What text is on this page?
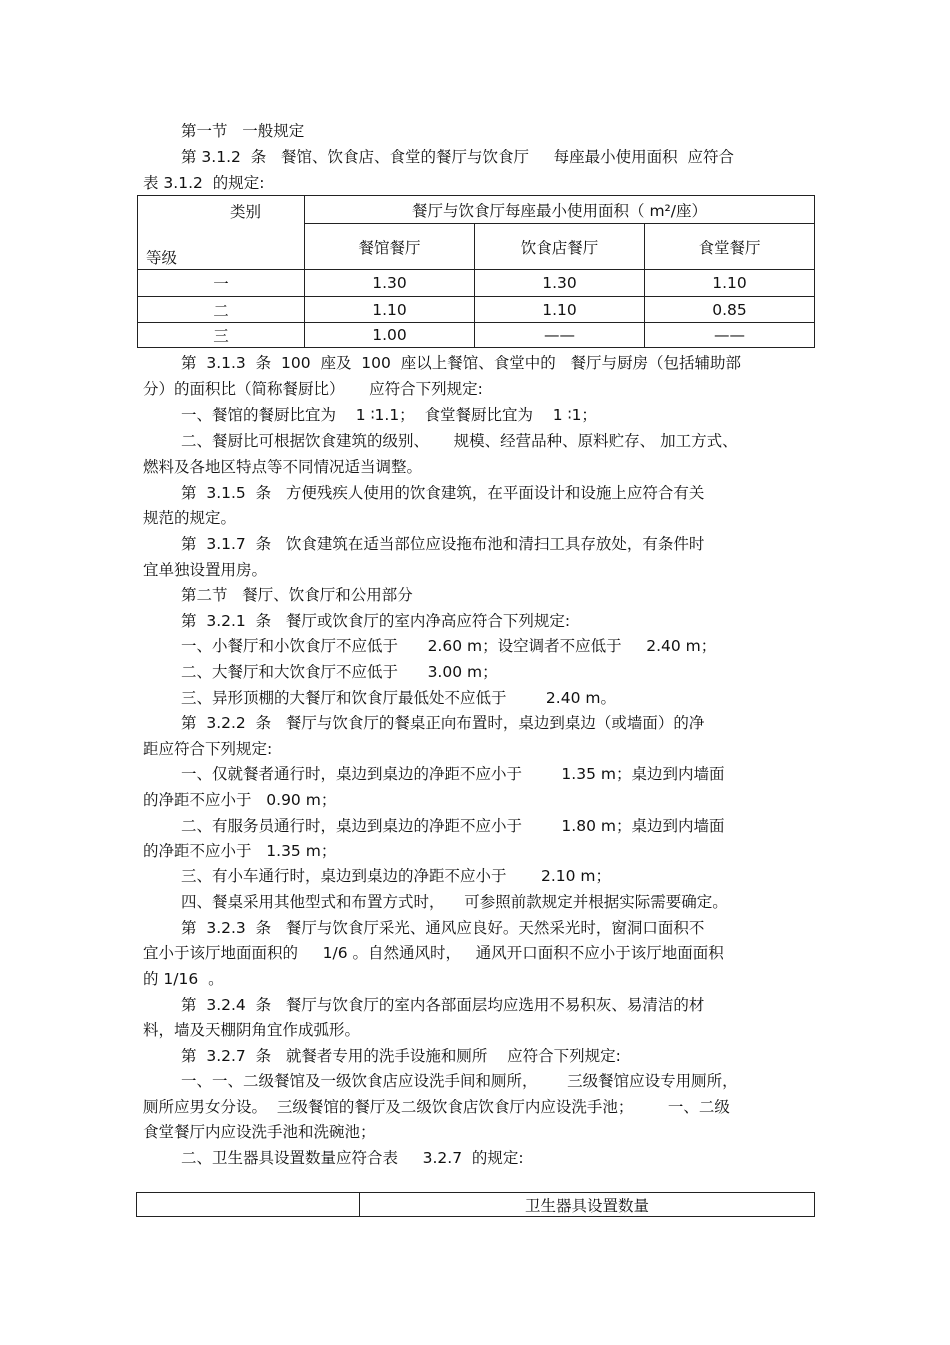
第一节   一般规定
第 3.1.2  条   餐馆、饮食店、食堂的餐厅与饮食厅     每座最小使用面积  应符合
表 3.1.2  的规定:
类别
等级	餐厅与饮食厅每座最小使用面积（ m²/座）		
	餐馆餐厅	饮食店餐厅	食堂餐厅
一	1.30	1.30	1.10
二	1.10	1.10	0.85
三	1.00	——	——
第  3.1.3  条  100  座及  100  座以上餐馆、食堂中的   餐厅与厨房（包括辅助部
分）的面积比（简称餐厨比）     应符合下列规定:
一、餐馆的餐厨比宜为    1 ∶1.1；  食堂餐厨比宜为    1 ∶1；
二、餐厨比可根据饮食建筑的级别、     规模、经营品种、原料贮存、 加工方式、
燃料及各地区特点等不同情况适当调整。
第  3.1.5  条   方便残疾人使用的饮食建筑，在平面设计和设施上应符合有关
规范的规定。
第  3.1.7  条   饮食建筑在适当部位应设拖布池和清扫工具存放处，有条件时
宜单独设置用房。
第二节   餐厅、饮食厅和公用部分
第  3.2.1  条   餐厅或饮食厅的室内净高应符合下列规定:
一、小餐厅和小饮食厅不应低于      2.60 m；设空调者不应低于     2.40 m；
二、大餐厅和大饮食厅不应低于      3.00 m；
三、异形顶棚的大餐厅和饮食厅最低处不应低于        2.40 m。
第  3.2.2  条   餐厅与饮食厅的餐桌正向布置时，桌边到桌边（或墙面）的净
距应符合下列规定:
一、仅就餐者通行时，桌边到桌边的净距不应小于        1.35 m；桌边到内墙面
的净距不应小于   0.90 m；
二、有服务员通行时，桌边到桌边的净距不应小于        1.80 m；桌边到内墙面
的净距不应小于   1.35 m；
三、有小车通行时，桌边到桌边的净距不应小于       2.10 m；
四、餐桌采用其他型式和布置方式时，    可参照前款规定并根据实际需要确定。
第  3.2.3  条   餐厅与饮食厅采光、通风应良好。天然采光时，窗洞口面积不
宜小于该厅地面面积的     1/6 。自然通风时，   通风开口面积不应小于该厅地面面积
的 1/16  。
第  3.2.4  条   餐厅与饮食厅的室内各部面层均应选用不易积灰、易清洁的材
料，墙及天棚阴角宜作成弧形。
第  3.2.7  条   就餐者专用的洗手设施和厕所    应符合下列规定:
一、一、二级餐馆及一级饮食店应设洗手间和厕所，      三级餐馆应设专用厕所，
厕所应男女分设。  三级餐馆的餐厅及二级饮食店饮食厅内应设洗手池；       一、二级
食堂餐厅内应设洗手池和洗碗池；
二、卫生器具设置数量应符合表     3.2.7  的规定:
	卫生器具设置数量
